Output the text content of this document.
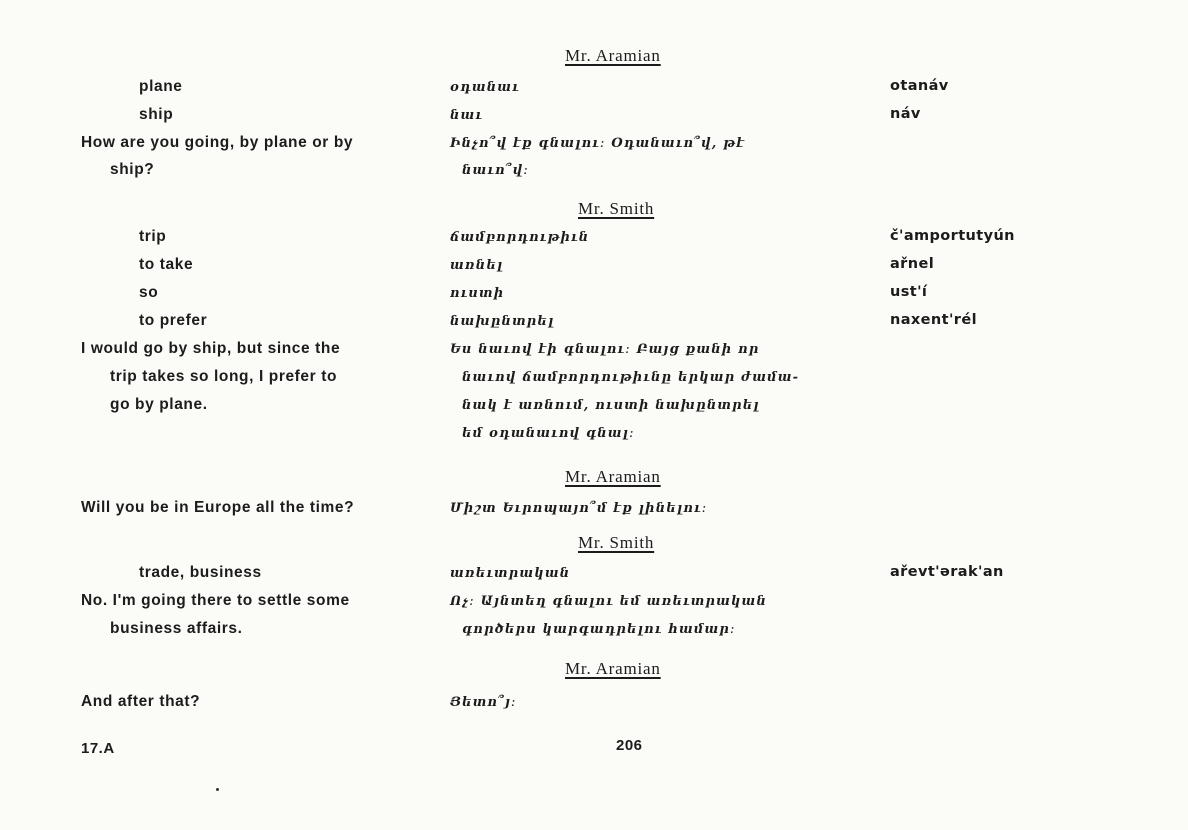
Mr. Aramian
plane	օդանաւ	otanáv
ship	նաւ	náv
How are you going, by plane or by
ship?
Ինչո՞վ էք գնալու։ Օդանաւո՞վ, թէ
նաւո՞վ։
Mr. Smith
trip	ճամբորդութիւն	č'amportutyún
to take	առնել	ařnel
so	ուստի	ust'í
to prefer	նախընտրել	naxent'rél
I would go by ship, but since the
trip takes so long, I prefer to
go by plane.
Ես նաւով էի գնալու։ Բայց քանի որ
նաւով ճամբորդութիւնը երկար ժամա-
նակ է առնում, ուստի նախընտրել
եմ օդանաւով գնալ։
Mr. Aramian
Will you be in Europe all the time?	Միշտ Եւրոպայո՞մ էք լինելու։
Mr. Smith
trade, business	առեւտրական	ařevt'ərak'an
No. I'm going there to settle some
business affairs.
Ոչ։ Այնտեղ գնալու եմ առեւտրական
գործերս կարգադրելու համար։
Mr. Aramian
And after that?	Յետո՞յ։
17.A	206
